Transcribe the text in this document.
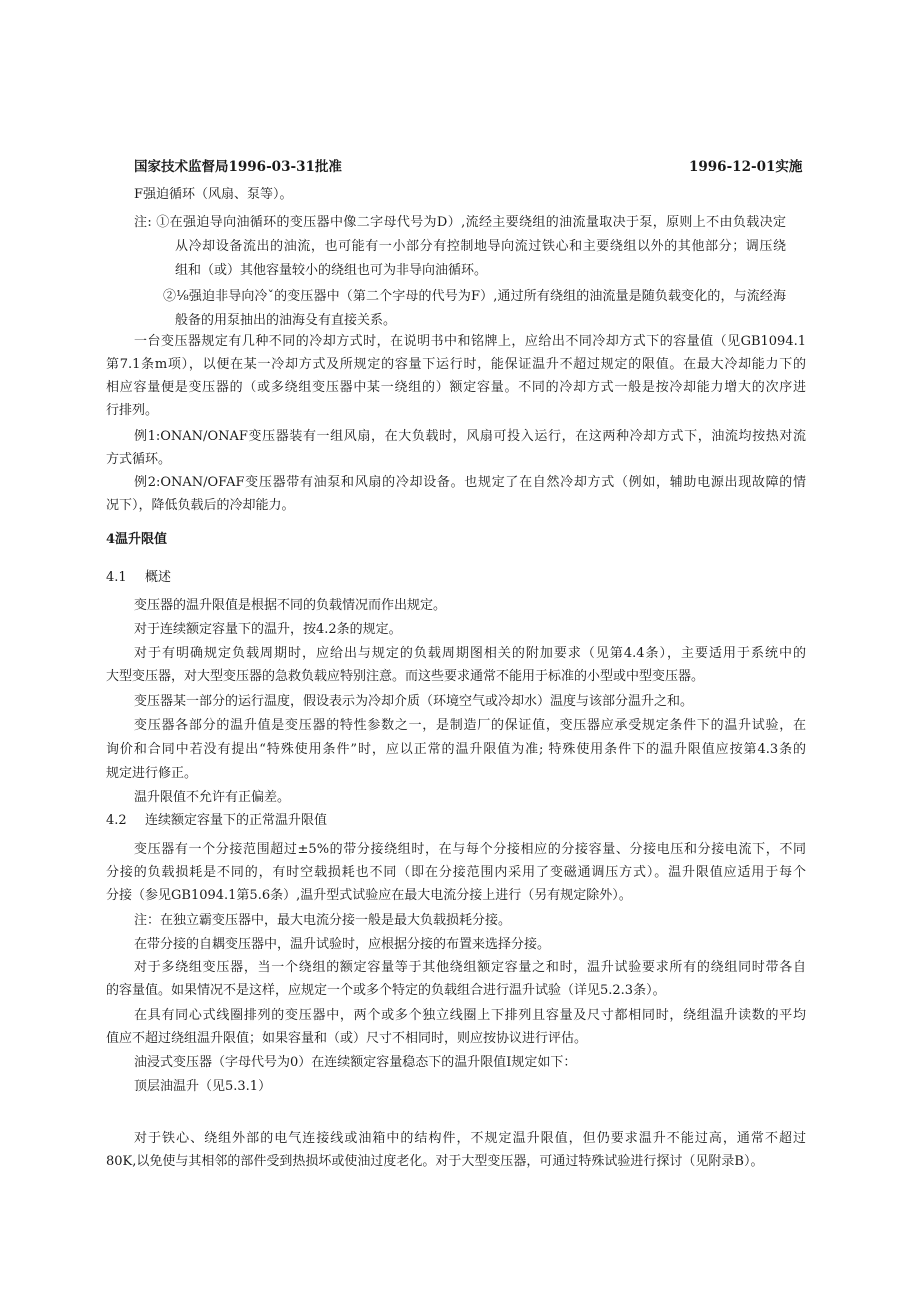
国家技术监督局1996-03-31批准	1996-12-01实施
F强迫循环（风扇、泵等）。
注: ①在强迫导向油循环的变压器中像二字母代号为D）,流经主要绕组的油流量取决于泵，原则上不由负载决定
从冷却设备流出的油流，也可能有一小部分有控制地导向流过铁心和主要绕组以外的其他部分；调压绕
组和（或）其他容量较小的绕组也可为非导向油循环。
②⅛强迫非导向冷ˇ的变压器中（第二个字母的代号为F）,通过所有绕组的油流量是随负载变化的，与流经海
般备的用泵抽出的油海殳有直接关系。
一台变压器规定有几种不同的冷却方式时，在说明书中和铭牌上，应给出不同冷却方式下的容量值（见GB1094.1
第7.1条m项），以便在某一冷却方式及所规定的容量下运行时，能保证温升不超过规定的限值。在最大冷却能力下的
相应容量便是变压器的（或多绕组变压器中某一绕组的）额定容量。不同的冷却方式一般是按冷却能力增大的次序进
行排列。
例1:ONAN/ONAF变压器装有一组风扇，在大负载时，风扇可投入运行，在这两种冷却方式下，油流均按热对流
方式循环。
例2:ONAN/OFAF变压器带有油泵和风扇的冷却设备。也规定了在自然冷却方式（例如，辅助电源出现故障的情
况下），降低负载后的冷却能力。
4温升限值
4.1 概述
变压器的温升限值是根据不同的负载情况而作出规定。
对于连续额定容量下的温升，按4.2条的规定。
对于有明确规定负载周期时，应给出与规定的负载周期图相关的附加要求（见第4.4条），主要适用于系统中的
大型变压器，对大型变压器的急救负载应特别注意。而这些要求通常不能用于标准的小型或中型变压器。
变压器某一部分的运行温度，假设表示为冷却介质（环境空气或冷却水）温度与该部分温升之和。
变压器各部分的温升值是变压器的特性参数之一，是制造厂的保证值，变压器应承受规定条件下的温升试验，在
询价和合同中若没有提出“特殊使用条件”时，应以正常的温升限值为准; 特殊使用条件下的温升限值应按第4.3条的
规定进行修正。
温升限值不允许有正偏差。
4.2 连续额定容量下的正常温升限值
变压器有一个分接范围超过±5%的带分接绕组时，在与每个分接相应的分接容量、分接电压和分接电流下，不同
分接的负载损耗是不同的，有时空载损耗也不同（即在分接范围内采用了变磁通调压方式）。温升限值应适用于每个
分接（参见GB1094.1第5.6条）,温升型式试验应在最大电流分接上进行（另有规定除外）。
注：在独立霸变压器中，最大电流分接一般是最大负载损耗分接。
在带分接的自耦变压器中，温升试验时，应根据分接的布置来选择分接。
对于多绕组变压器，当一个绕组的额定容量等于其他绕组额定容量之和时，温升试验要求所有的绕组同时带各自
的容量值。如果情况不是这样，应规定一个或多个特定的负载组合进行温升试验（详见5.2.3条）。
在具有同心式线圈排列的变压器中，两个或多个独立线圈上下排列且容量及尺寸都相同时，绕组温升读数的平均
值应不超过绕组温升限值；如果容量和（或）尺寸不相同时，则应按协议进行评估。
油浸式变压器（字母代号为0）在连续额定容量稳态下的温升限值I规定如下：
顶层油温升（见5.3.1）
对于铁心、绕组外部的电气连接线或油箱中的结构件，不规定温升限值，但仍要求温升不能过高，通常不超过
80K,以免使与其相邻的部件受到热损坏或使油过度老化。对于大型变压器，可通过特殊试验进行探讨（见附录B）。
